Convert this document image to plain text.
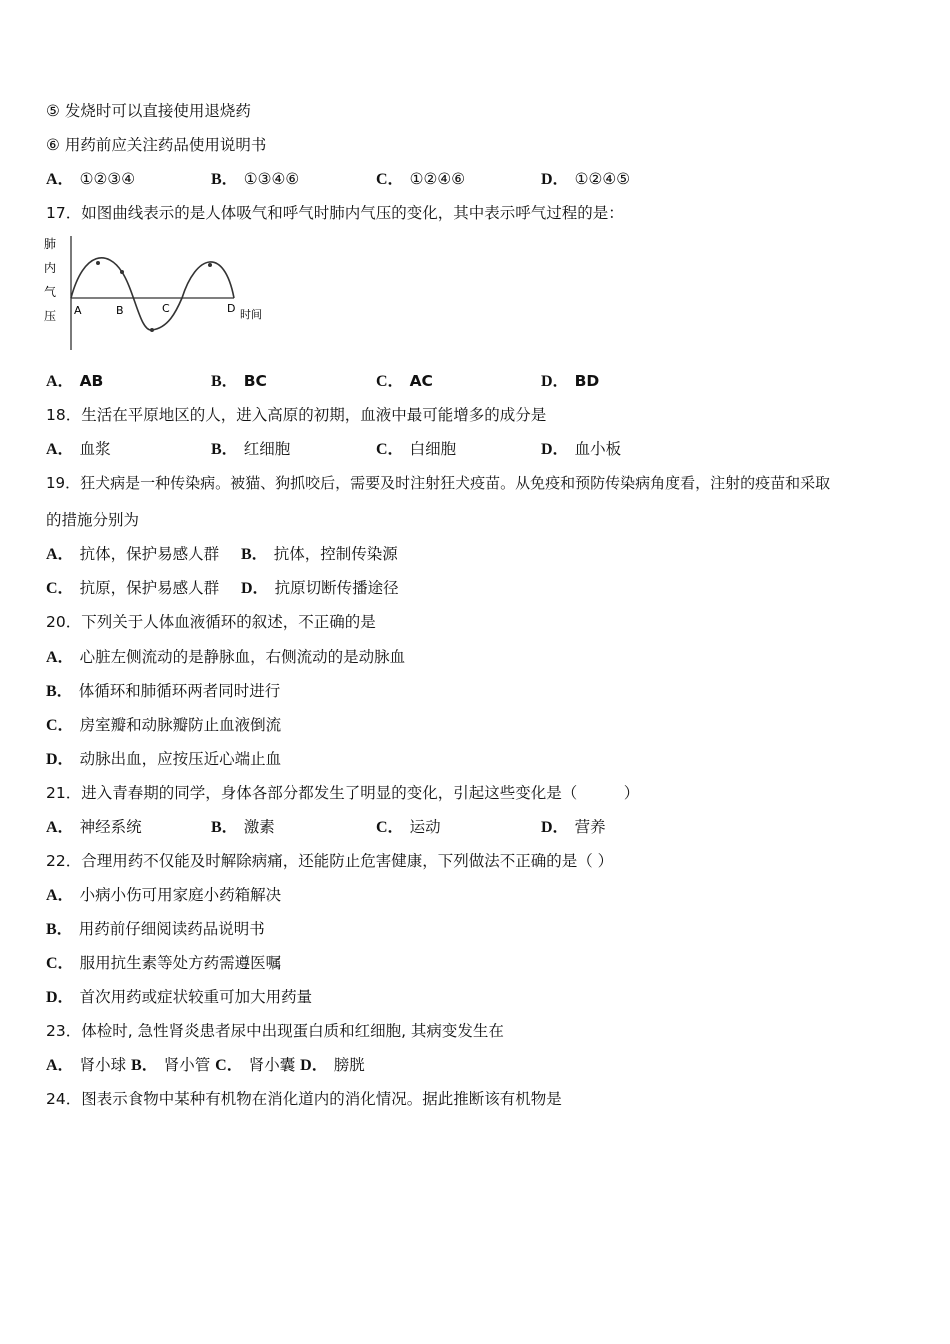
⑤ 发烧时可以直接使用退烧药
⑥ 用药前应关注药品使用说明书
A． ①②③④	B． ①③④⑥	C． ①②④⑥	D． ①②④⑤
17．如图曲线表示的是人体吸气和呼气时肺内气压的变化，其中表示呼气过程的是：
肺
内
气
压 A	B	C	D 时间
A． AB	B． BC	C． AC	D． BD
18．生活在平原地区的人，进入高原的初期，血液中最可能增多的成分是
A． 血浆	B． 红细胞	C． 白细胞	D． 血小板
19．狂犬病是一种传染病。被猫、狗抓咬后，需要及时注射狂犬疫苗。从免疫和预防传染病角度看，注射的疫苗和采取
的措施分别为
A． 抗体，保护易感人群 B． 抗体，控制传染源
C． 抗原，保护易感人群 D． 抗原切断传播途径
20．下列关于人体血液循环的叙述，不正确的是
A． 心脏左侧流动的是静脉血，右侧流动的是动脉血
B． 体循环和肺循环两者同时进行
C． 房室瓣和动脉瓣防止血液倒流
D． 动脉出血，应按压近心端止血
21．进入青春期的同学，身体各部分都发生了明显的变化，引起这些变化是（　　　）
A． 神经系统	B． 激素	C． 运动	D． 营养
22．合理用药不仅能及时解除病痛，还能防止危害健康，下列做法不正确的是（ ）
A． 小病小伤可用家庭小药箱解决
B． 用药前仔细阅读药品说明书
C． 服用抗生素等处方药需遵医嘱
D． 首次用药或症状较重可加大用药量
23．体检时, 急性肾炎患者尿中出现蛋白质和红细胞, 其病变发生在
A． 肾小球 B． 肾小管 C． 肾小囊 D． 膀胱
24．图表示食物中某种有机物在消化道内的消化情况。据此推断该有机物是
